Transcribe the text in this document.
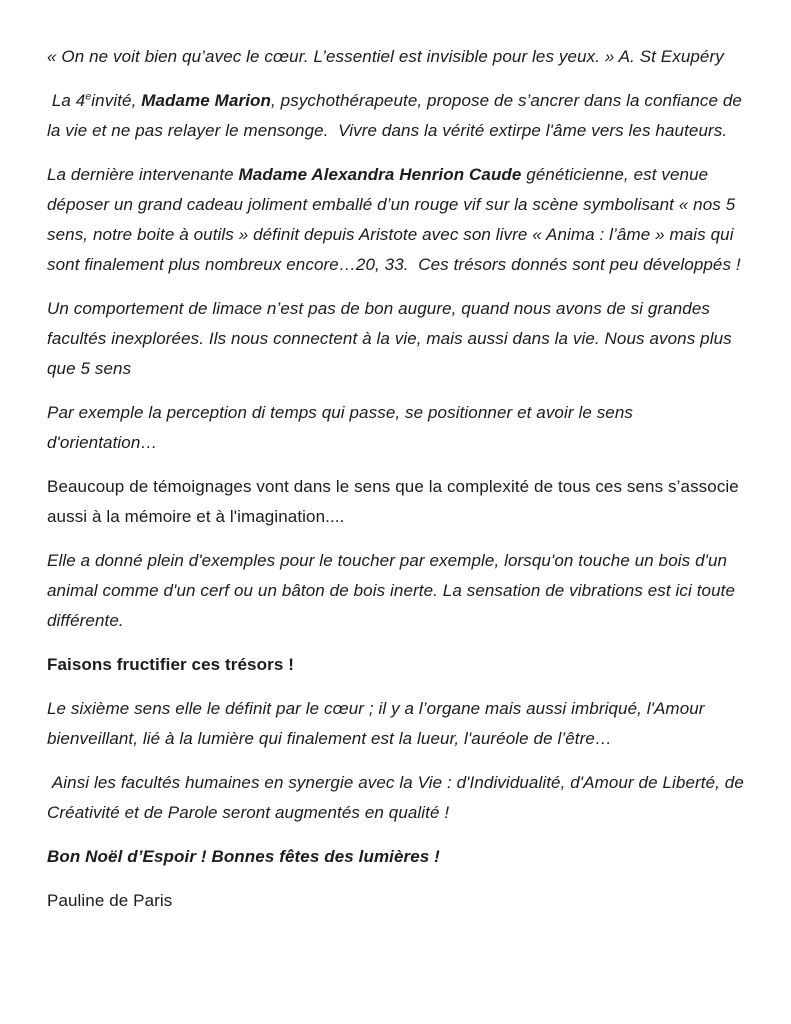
« On ne voit bien qu’avec le cœur. L’essentiel est invisible pour les yeux. » A. St Exupéry

La 4einvité, Madame Marion, psychothérapeute, propose de s’ancrer dans la confiance de la vie et ne pas relayer le mensonge.  Vivre dans la vérité extirpe l'âme vers les hauteurs.

La dernière intervenante Madame Alexandra Henrion Caude généticienne, est venue déposer un grand cadeau joliment emballé d’un rouge vif sur la scène symbolisant « nos 5 sens, notre boite à outils » définit depuis Aristote avec son livre « Anima : l’âme » mais qui sont finalement plus nombreux encore…20, 33.  Ces trésors donnés sont peu développés !

Un comportement de limace n’est pas de bon augure, quand nous avons de si grandes facultés inexplorées. Ils nous connectent à la vie, mais aussi dans la vie. Nous avons plus que 5 sens

Par exemple la perception di temps qui passe, se positionner et avoir le sens d'orientation…

Beaucoup de témoignages vont dans le sens que la complexité de tous ces sens s’associe aussi à la mémoire et à l'imagination....

Elle a donné plein d'exemples pour le toucher par exemple, lorsqu'on touche un bois d'un animal comme d'un cerf ou un bâton de bois inerte. La sensation de vibrations est ici toute différente.

Faisons fructifier ces trésors !

Le sixième sens elle le définit par le cœur ; il y a l’organe mais aussi imbriqué, l'Amour bienveillant, lié à la lumière qui finalement est la lueur, l'auréole de l’être…

Ainsi les facultés humaines en synergie avec la Vie : d'Individualité, d'Amour de Liberté, de Créativité et de Parole seront augmentés en qualité !

Bon Noël d’Espoir ! Bonnes fêtes des lumières !

Pauline de Paris
